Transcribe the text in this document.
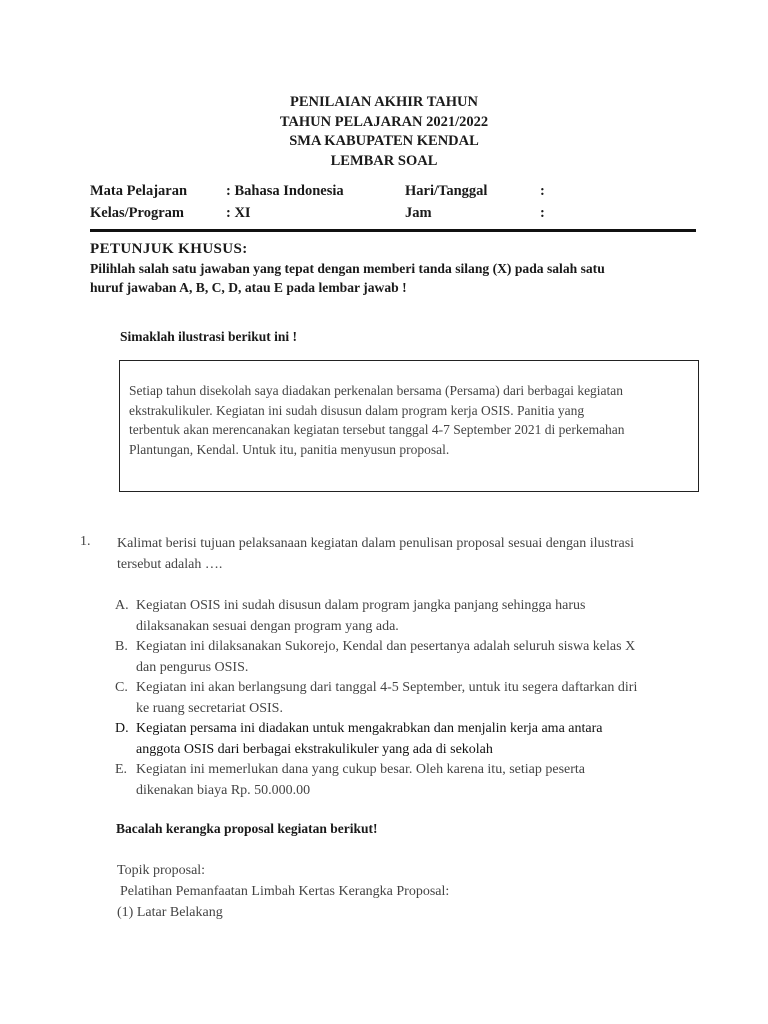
PENILAIAN AKHIR TAHUN
TAHUN PELAJARAN 2021/2022
SMA KABUPATEN KENDAL
LEMBAR SOAL
Mata Pelajaran	: Bahasa Indonesia	Hari/Tanggal	:
Kelas/Program	: XI	Jam	:
PETUNJUK KHUSUS:
Pilihlah salah satu jawaban yang tepat dengan memberi tanda silang (X) pada salah satu
huruf jawaban A, B, C, D, atau E pada lembar jawab !
Simaklah ilustrasi berikut ini !
Setiap tahun disekolah saya diadakan perkenalan bersama (Persama) dari berbagai kegiatan
ekstrakulikuler. Kegiatan ini sudah disusun dalam program kerja OSIS. Panitia yang
terbentuk akan merencanakan kegiatan tersebut tanggal 4-7 September 2021 di perkemahan
Plantungan, Kendal. Untuk itu, panitia menyusun proposal.
1. Kalimat berisi tujuan pelaksanaan kegiatan dalam penulisan proposal sesuai dengan ilustrasi
tersebut adalah ….
A. Kegiatan OSIS ini sudah disusun dalam program jangka panjang sehingga harus
dilaksanakan sesuai dengan program yang ada.
B. Kegiatan ini dilaksanakan Sukorejo, Kendal dan pesertanya adalah seluruh siswa kelas X
dan pengurus OSIS.
C. Kegiatan ini akan berlangsung dari tanggal 4-5 September, untuk itu segera daftarkan diri
ke ruang secretariat OSIS.
D. Kegiatan persama ini diadakan untuk mengakrabkan dan menjalin kerja ama antara
anggota OSIS dari berbagai ekstrakulikuler yang ada di sekolah
E. Kegiatan ini memerlukan dana yang cukup besar. Oleh karena itu, setiap peserta
dikenakan biaya Rp. 50.000.00
Bacalah kerangka proposal kegiatan berikut!
Topik proposal:
Pelatihan Pemanfaatan Limbah Kertas Kerangka Proposal:
(1) Latar Belakang
